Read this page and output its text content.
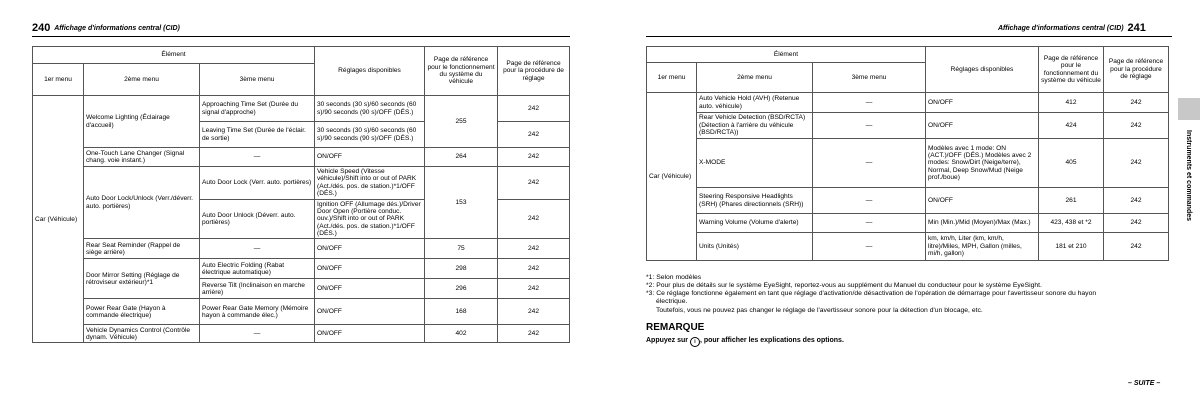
240 Affichage d'informations central (CID)
Élément			Réglages disponibles	Page de référence pour le fonctionnement du système du véhicule	Page de référence pour la procédure de réglage
1er menu	2ème menu	3ème menu			
Car (Véhicule)	Welcome Lighting (Éclairage d'accueil)	Approaching Time Set (Durée du signal d'approche)	30 seconds (30 s)/60 seconds (60 s)/90 seconds (90 s)/OFF (DÉS.)	255	242
		Leaving Time Set (Durée de l'éclair. de sortie)	30 seconds (30 s)/60 seconds (60 s)/90 seconds (90 s)/OFF (DÉS.)		242
	One-Touch Lane Changer (Signal chang. voie instant.)	—	ON/OFF	264	242
	Auto Door Lock/Unlock (Verr./déverr. auto. portières)	Auto Door Lock (Verr. auto. portières)	Vehicle Speed (Vitesse véhicule)/Shift into or out of PARK (Act./dés. pos. de station.)*1/OFF (DÉS.)	153	242
		Auto Door Unlock (Déverr. auto. portières)	Ignition OFF (Allumage dés.)/Driver Door Open (Portière conduc. ouv.)/Shift into or out of PARK (Act./dés. pos. de station.)*1/OFF (DÉS.)		242
	Rear Seat Reminder (Rappel de siège arrière)	—	ON/OFF	75	242
	Door Mirror Setting (Réglage de rétroviseur extérieur)*1	Auto Electric Folding (Rabat électrique automatique)	ON/OFF	298	242
		Reverse Tilt (Inclinaison en marche arrière)	ON/OFF	296	242
	Power Rear Gate (Hayon à commande électrique)	Power Rear Gate Memory (Mémoire hayon à commande élec.)	ON/OFF	168	242
	Vehicle Dynamics Control (Contrôle dynam. Véhicule)	—	ON/OFF	402	242
Affichage d'informations central (CID) 241
Élément			Réglages disponibles	Page de référence pour le fonctionnement du système du véhicule	Page de référence pour la procédure de réglage
1er menu	2ème menu	3ème menu			
Car (Véhicule)	Auto Vehicle Hold (AVH) (Retenue auto. véhicule)	—	ON/OFF	412	242
	Rear Vehicle Detection (BSD/RCTA) (Détection à l'arrière du véhicule (BSD/RCTA))	—	ON/OFF	424	242
	X-MODE	—	Modèles avec 1 mode: ON (ACT.)/OFF (DÉS.) Modèles avec 2 modes: Snow/Dirt (Neige/terre), Normal, Deep Snow/Mud (Neige prof./boue)	405	242
	Steering Responsive Headlights (SRH) (Phares directionnels (SRH))	—	ON/OFF	261	242
	Warning Volume (Volume d'alerte)	—	Min (Min.)/Mid (Moyen)/Max (Max.)	423, 438 et *2	242
	Units (Unités)	—	km, km/h, Liter (km, km/h, litre)/Miles, MPH, Gallon (milles, mi/h, gallon)	181 et 210	242
*1: Selon modèles
*2: Pour plus de détails sur le système EyeSight, reportez-vous au supplément du Manuel du conducteur pour le système EyeSight.
*3: Ce réglage fonctionne également en tant que réglage d'activation/de désactivation de l'opération de démarrage pour l'avertisseur sonore du hayon
électrique.
Toutefois, vous ne pouvez pas changer le réglage de l'avertisseur sonore pour la détection d'un blocage, etc.
REMARQUE
Appuyez sur i , pour afficher les explications des options.
– SUITE –
Instruments et commandes
